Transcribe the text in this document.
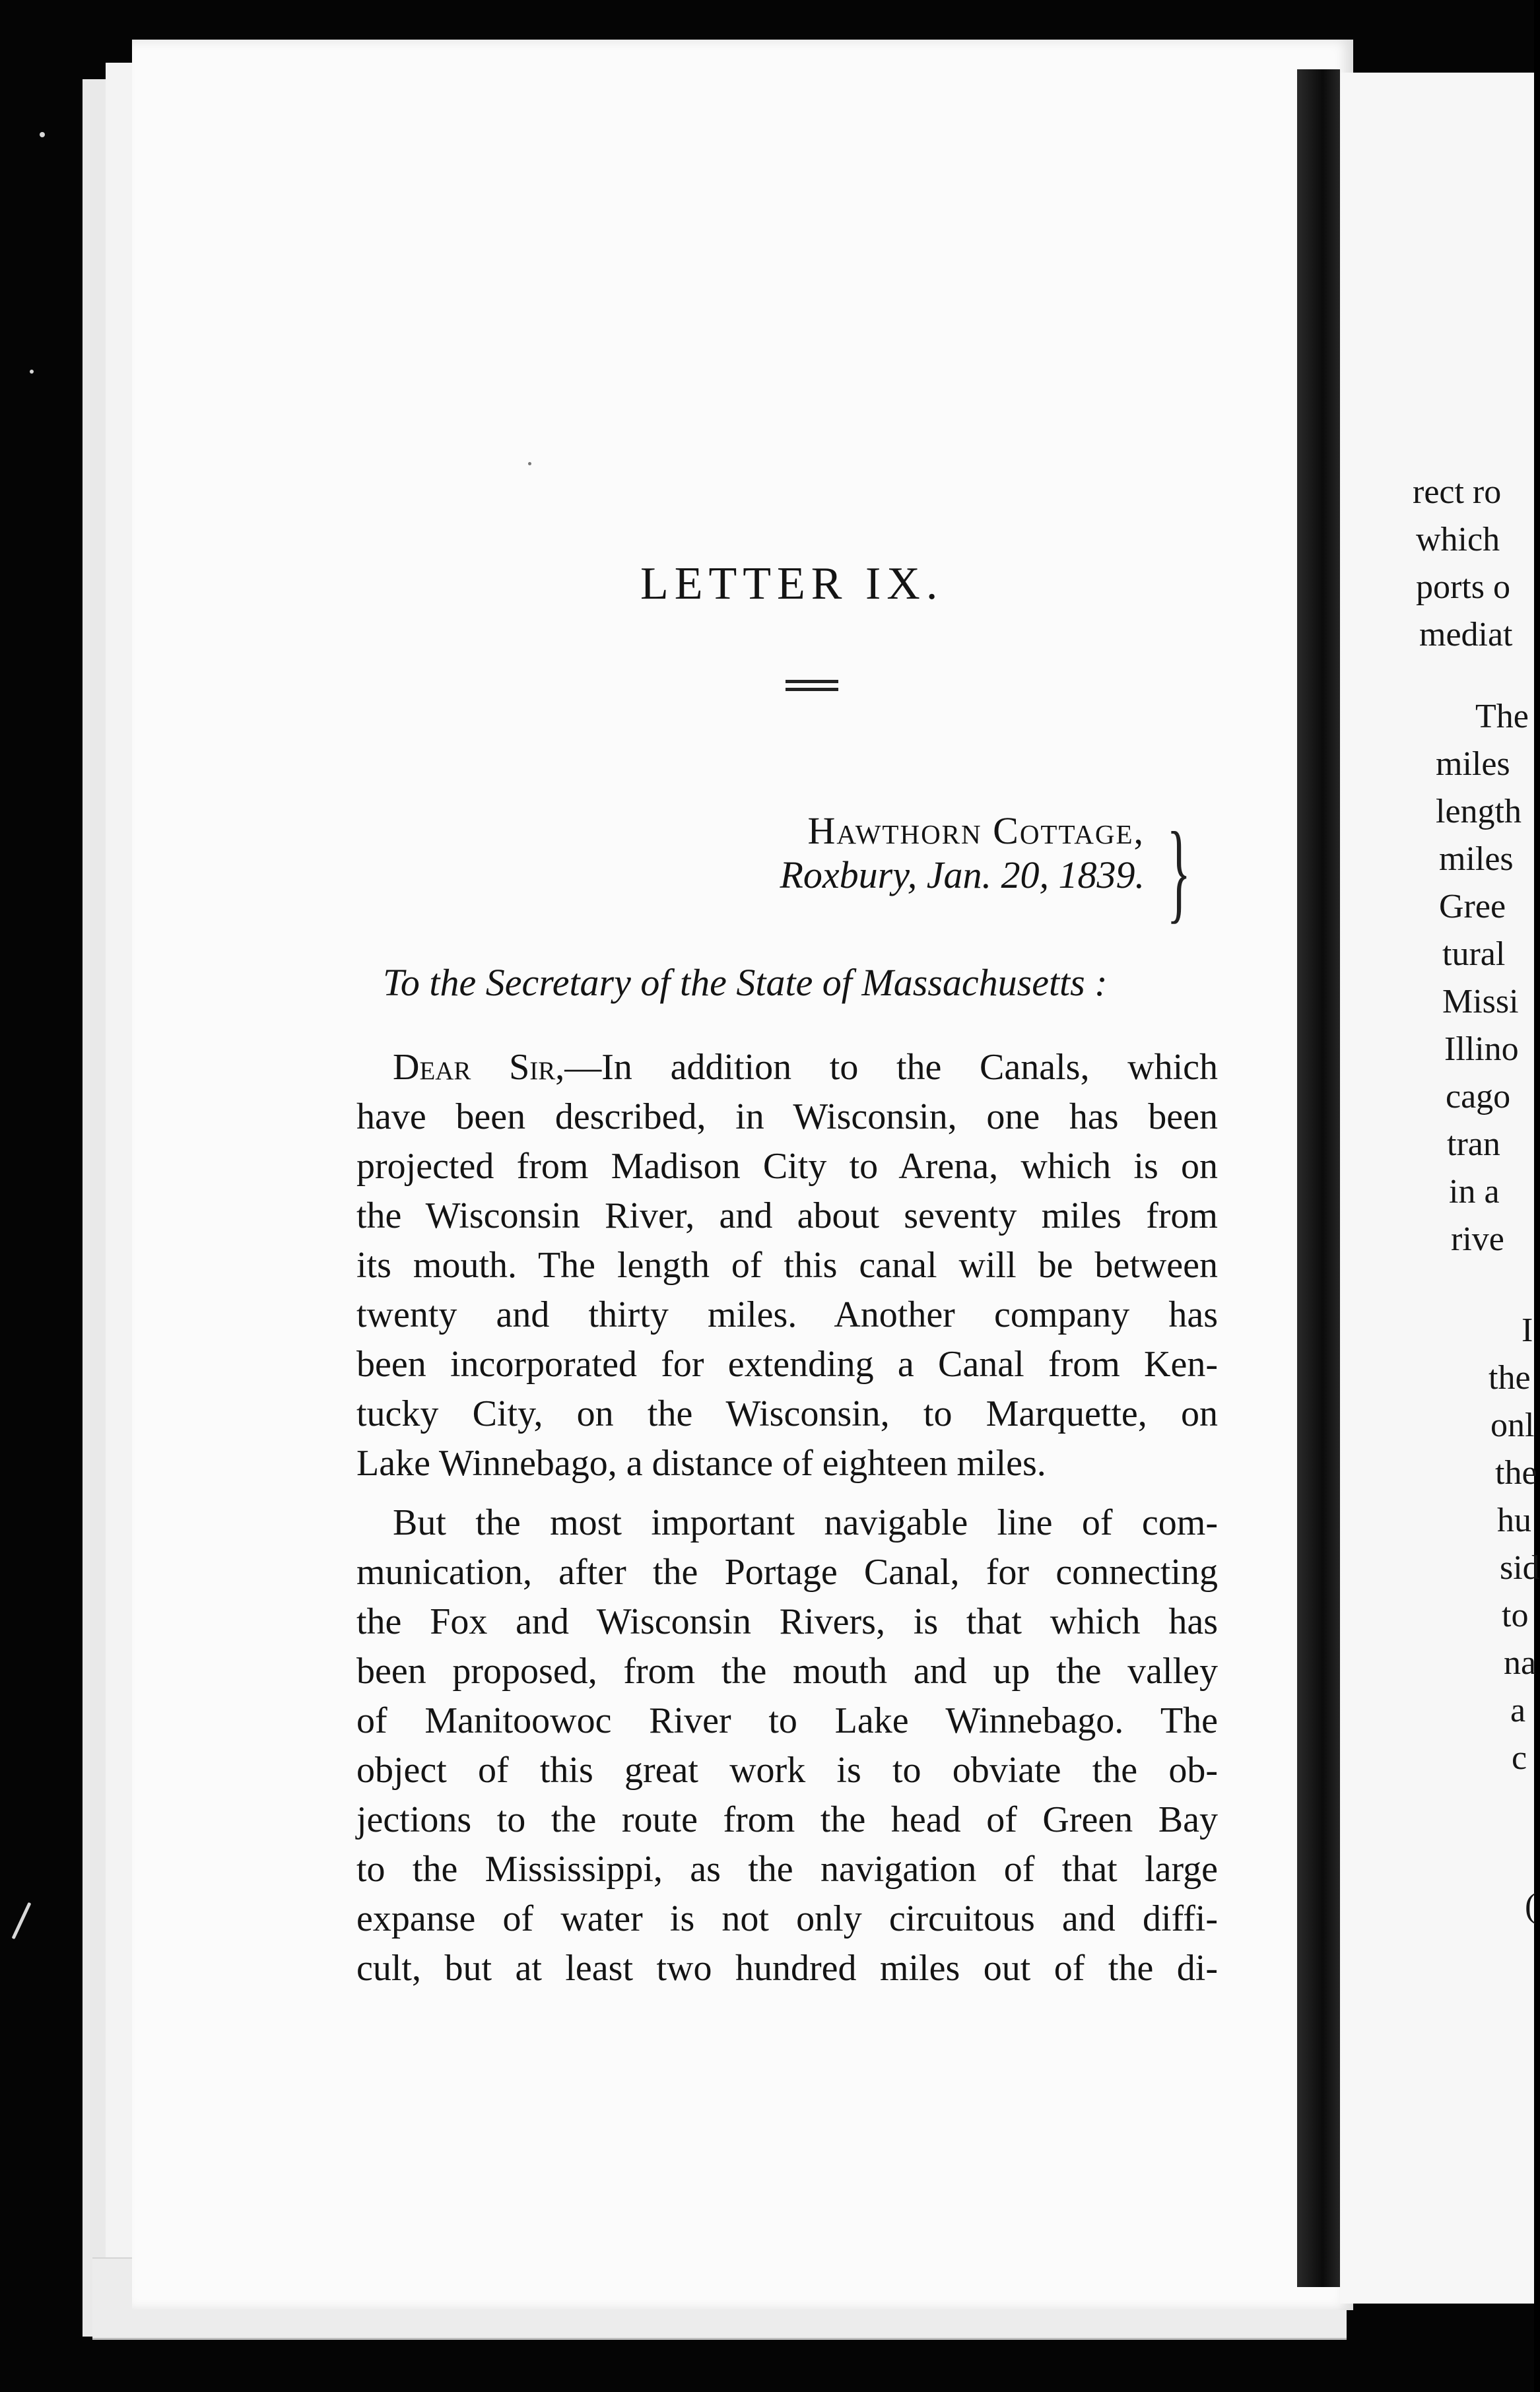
LETTER IX.
Hawthorn Cottage,
Roxbury, Jan. 20, 1839. }
To the Secretary of the State of Massachusetts :
Dear Sir,—In addition to the Canals, which
have been described, in Wisconsin, one has been
projected from Madison City to Arena, which is on
the Wisconsin River, and about seventy miles from
its mouth. The length of this canal will be between
twenty and thirty miles. Another company has
been incorporated for extending a Canal from Ken-
tucky City, on the Wisconsin, to Marquette, on
Lake Winnebago, a distance of eighteen miles.
But the most important navigable line of com-
munication, after the Portage Canal, for connecting
the Fox and Wisconsin Rivers, is that which has
been proposed, from the mouth and up the valley
of Manitoowoc River to Lake Winnebago. The
object of this great work is to obviate the ob-
jections to the route from the head of Green Bay
to the Mississippi, as the navigation of that large
expanse of water is not only circuitous and diffi-
cult, but at least two hundred miles out of the di-
rect ro
which
ports o
mediat
The
miles
length
miles
Gree
tural
Missi
Illino
cago
tran
in a
rive
I
the
onl
the
hu
sid
to
na
a
c
(
